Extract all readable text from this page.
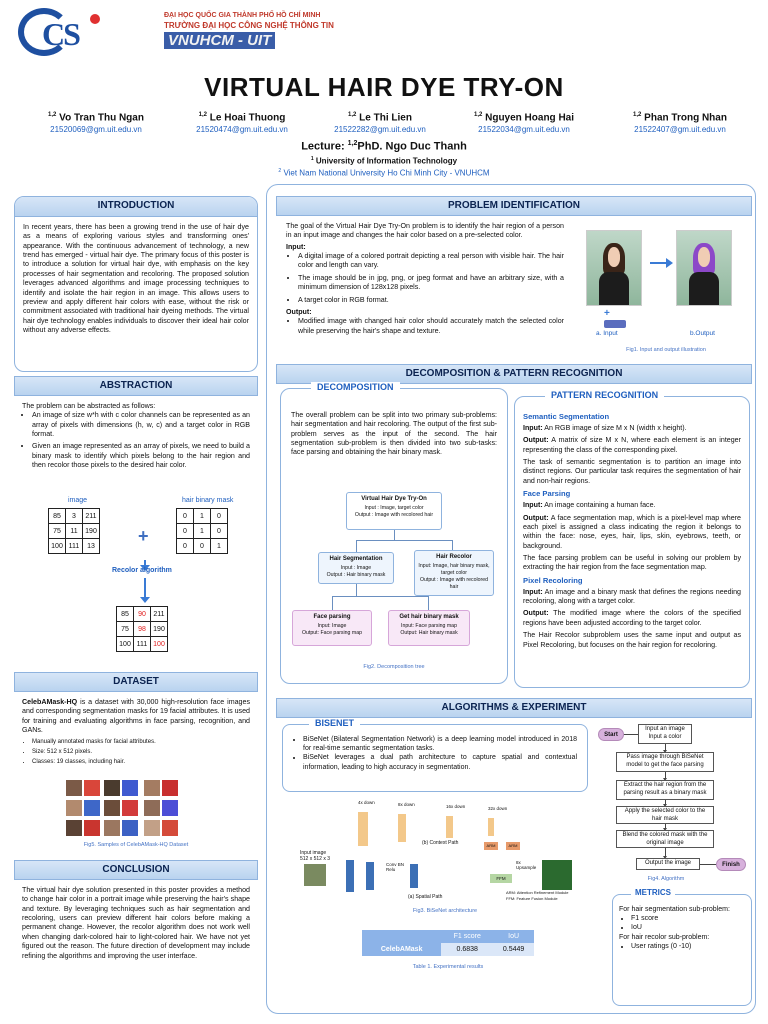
CS
ĐẠI HỌC QUỐC GIA THÀNH PHỐ HỒ CHÍ MINH
TRƯỜNG ĐẠI HỌC CÔNG NGHỆ THÔNG TIN
VNUHCM - UIT
VIRTUAL HAIR DYE TRY-ON
$^{1,2}$ Vo Tran Thu Ngan
21520069@gm.uit.edu.vn
$^{1,2}$ Le Hoai Thuong
21520474@gm.uit.edu.vn
$^{1,2}$ Le Thi Lien
21522282@gm.uit.edu.vn
$^{1,2}$ Nguyen Hoang Hai
21522034@gm.uit.edu.vn
$^{1,2}$ Phan Trong Nhan
21522407@gm.uit.edu.vn
Lecture: $^{1,2}$PhD. Ngo Duc Thanh
$^1$ University of Information Technology
$^2$ Viet Nam National University Ho Chi Minh City - VNUHCM
INTRODUCTION
In recent years, there has been a growing trend in the use of hair dye as a means of exploring various styles and transforming ones' appearance. With the continuous advancement of technology, a new trend has emerged - virtual hair dye. The primary focus of this poster is to introduce a solution for virtual hair dye, with emphasis on the key processes of hair segmentation and recoloring. The proposed solution leverages advanced algorithms and image processing techniques to identify and isolate the hair region in an image. This allows users to preview and apply different hair colors with ease, without the risk or commitment associated with traditional hair dyeing methods. The virtual hair dye technology enables individuals to discover their ideal hair color without any adverse effects.
ABSTRACTION
The problem can be abstracted as follows:
• An image of size w*h with c color channels can be represented as an array of pixels with dimensions (h, w, c) and a target color in RGB format.
• Given an image represented as an array of pixels, we need to build a binary mask to identify which pixels belong to the hair region and then recolor those pixels to the desired hair color.
image	hair binary mask
85	3	211
75	11	190
100	111	13 +
0	1	0
0	1	0
0	0	1
Recolor algorithm
85	90	211
75	98	190
100	111	100
DATASET
CelebAMask-HQ is a dataset with 30,000 high-resolution face images and corresponding segmentation masks for 19 facial attributes. It is used for training and evaluating algorithms in face parsing, recognition, and GANs.
• Manually annotated masks for facial attributes.
• Size: 512 x 512 pixels.
• Classes: 19 classes, including hair.
Fig5. Samples of CelebAMask-HQ Dataset
CONCLUSION
The virtual hair dye solution presented in this poster provides a method to change hair color in a portrait image while preserving the hair's shape and texture. By leveraging techniques such as hair segmentation and recoloring, users can preview different hair colors before making a permanent change. However, the recolor algorithm does not work well when changing dark-colored hair to light-colored hair. We have not yet figured out the reason. The future direction of development may include refining the algorithms and improving the user interface.
PROBLEM IDENTIFICATION
The goal of the Virtual Hair Dye Try-On problem is to identify the hair region of a person in an input image and changes the hair color based on a pre-selected color.
Input:
• A digital image of a colored portrait depicting a real person with visible hair. The hair color and length can vary.
• The image should be in jpg, png, or jpeg format and have an arbitrary size, with a minimum dimension of 128x128 pixels.
• A target color in RGB format.
Output:
• Modified image with changed hair color should accurately match the selected color while preserving the hair's shape and texture.
+
a. Input	b.Output
Fig1. Input and output illustration
DECOMPOSITION & PATTERN RECOGNITION
DECOMPOSITION
The overall problem can be split into two primary sub-problems: hair segmentation and hair recoloring. The output of the first sub-problem serves as the input of the second. The hair segmentation sub-problem is then divided into two sub-tasks: face parsing and obtaining the hair binary mask.
Virtual Hair Dye Try-On
Input : Image, target color
Output : Image with recolored hair
Hair Segmentation
Input : Image
Output : Hair binary mask
Hair Recolor
Input: Image, hair binary mask, target color
Output : Image with recolored hair
Face parsing
Input: Image
Output: Face parsing map
Get hair binary mask
Input: Face parsing map
Output: Hair binary mask
Fig2. Decomposition tree
PATTERN RECOGNITION
Semantic Segmentation

Input: An RGB image of size M x N (width x height).

Output: A matrix of size M x N, where each element is an integer representing the class of the corresponding pixel.

The task of semantic segmentation is to partition an image into distinct regions. Our particular task requires the segmentation of hair and non-hair regions.

Face Parsing

Input: An image containing a human face.

Output: A face segmentation map, which is a pixel-level map where each pixel is assigned a class indicating the region it belongs to within the face: nose, eyes, hair, lips, skin, eyebrows, teeth, or background.

The face parsing problem can be useful in solving our problem by extracting the hair region from the face segmentation map.

Pixel Recoloring

Input: An image and a binary mask that defines the regions needing recoloring, along with a target color.

Output: The modified image where the colors of the specified regions have been adjusted according to the target color.

The Hair Recolor subproblem uses the same input and output as Pixel Recoloring, but focuses on the hair region for recoloring.

ALGORITHMS & EXPERIMENT
BISENET
• BiSeNet (Bilateral Segmentation Network) is a deep learning model introduced in 2018 for real-time semantic segmentation tasks.
• BiSeNet leverages a dual path architecture to capture spatial and contextual information, leading to high accuracy in segmentation.
Input image 512 x 512 x 3
4x down	8x down	16x down	32x down
ARM	ARM
(b) Context Path
Conv BN Relu
(a) Spatial Path
FFM
8x Upsample
ARM: Attention Refinement Module
FFM: Feature Fusion Module
Fig3. BiSeNet architecture
	F1 score	IoU
CelebAMask	0.6838	0.5449
Table 1. Experimental results
Start
Input an image Input a color
Pass image through BiSeNet model to get the face parsing
Extract the hair region from the parsing result as a binary mask
Apply the selected color to the hair mask
Blend the colored mask with the original image
Output the image	Finish
Fig4. Algorithm
METRICS
For hair segmentation sub-problem:
• F1 score
• IoU
For hair recolor sub-problem:
• User ratings (0 -10)
